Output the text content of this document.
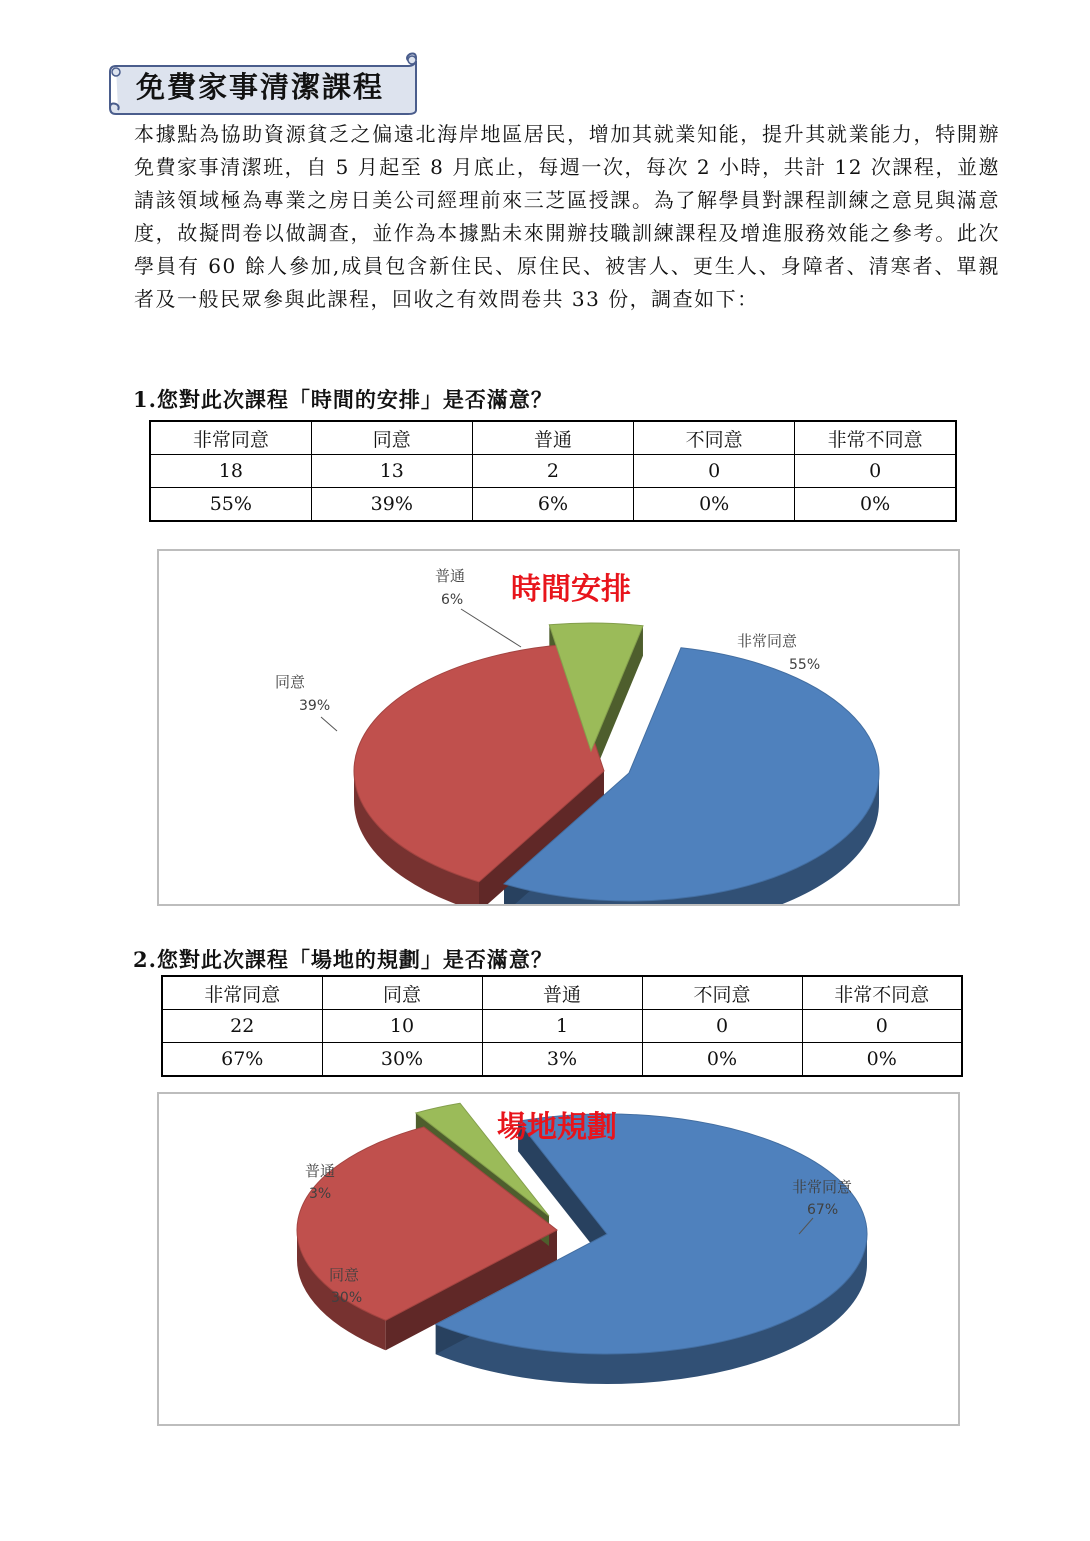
免費家事清潔課程
本據點為協助資源貧乏之偏遠北海岸地區居民，增加其就業知能，提升其就業能力，特開辦免費家事清潔班，自 5 月起至 8 月底止，每週一次，每次 2 小時，共計 12 次課程，並邀請該領域極為專業之房日美公司經理前來三芝區授課。為了解學員對課程訓練之意見與滿意度，故擬問卷以做調查，並作為本據點未來開辦技職訓練課程及增進服務效能之參考。此次學員有 60 餘人參加,成員包含新住民、原住民、被害人、更生人、身障者、清寒者、單親者及一般民眾參與此課程，回收之有效問卷共 33 份，調查如下：
1.您對此次課程「時間的安排」是否滿意？
非常同意	同意	普通	不同意	非常不同意
18	13	2	0	0
55%	39%	6%	0%	0%
時間安排
非常同意
55%
同意
39%
普通
6%
2.您對此次課程「場地的規劃」是否滿意？
非常同意	同意	普通	不同意	非常不同意
22	10	1	0	0
67%	30%	3%	0%	0%
場地規劃
非常同意
67%
同意
30%
普通
3%
